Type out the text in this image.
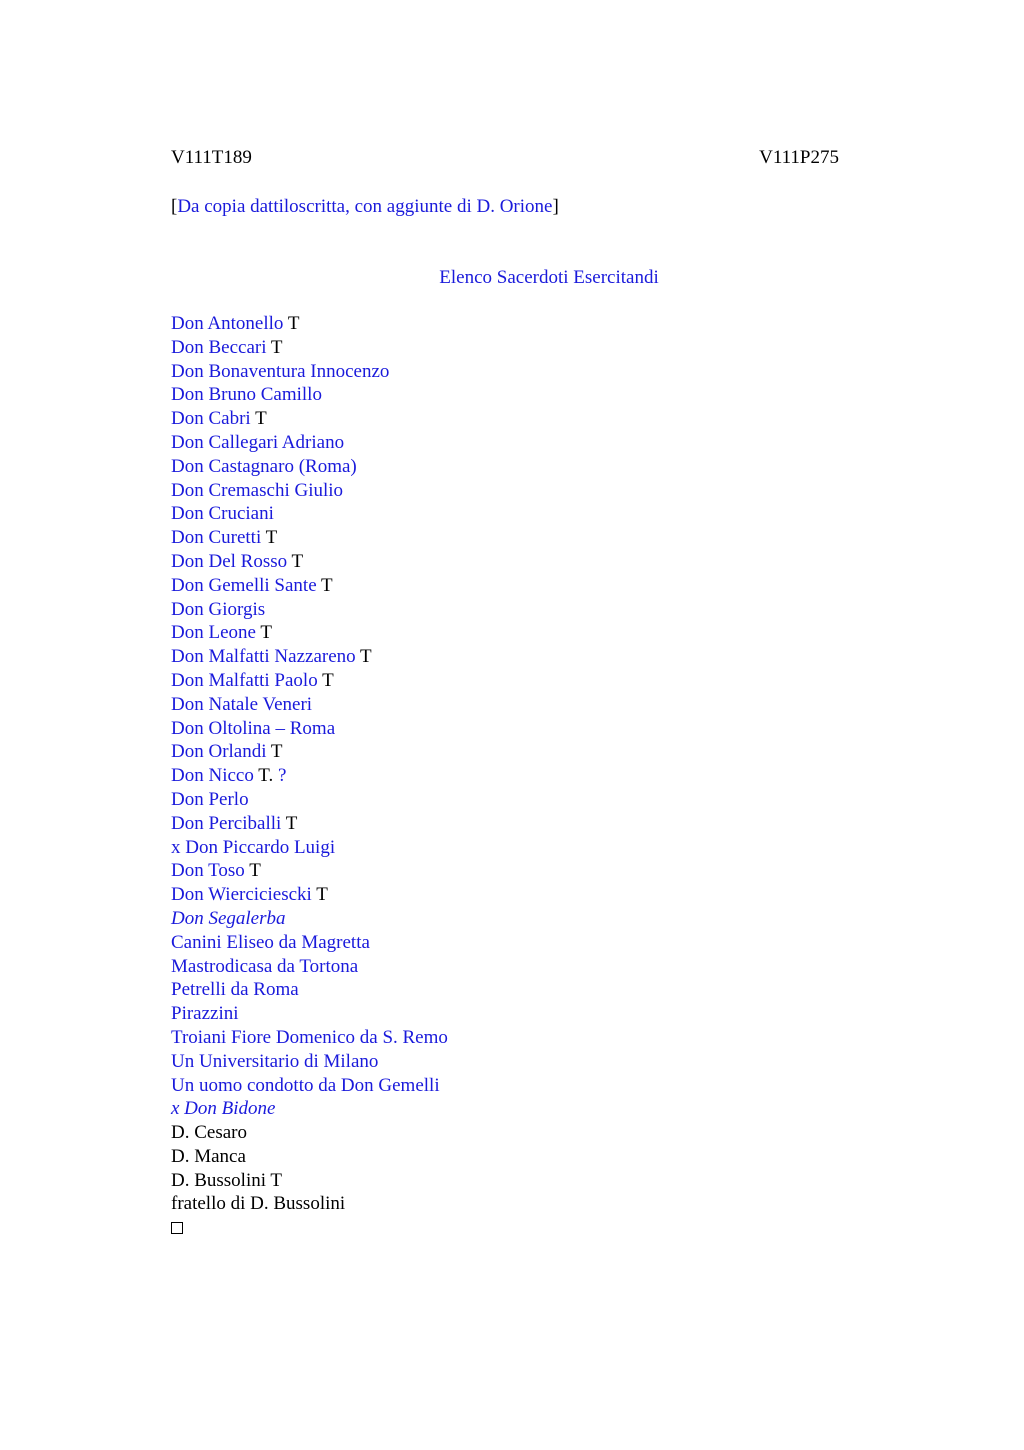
V111T189	V111P275
[Da copia dattiloscritta, con aggiunte di D. Orione]
Elenco Sacerdoti Esercitandi
Don Antonello T
Don Beccari T
Don Bonaventura Innocenzo
Don Bruno Camillo
Don Cabri T
Don Callegari Adriano
Don Castagnaro (Roma)
Don Cremaschi Giulio
Don Cruciani
Don Curetti T
Don Del Rosso T
Don Gemelli Sante T
Don Giorgis
Don Leone T
Don Malfatti Nazzareno T
Don Malfatti Paolo T
Don Natale Veneri
Don Oltolina – Roma
Don Orlandi T
Don Nicco T. ?
Don Perlo
Don Perciballi T
x Don Piccardo Luigi
Don Toso T
Don Wierciciescki T
Don Segalerba
Canini Eliseo da Magretta
Mastrodicasa da Tortona
Petrelli da Roma
Pirazzini
Troiani Fiore Domenico da S. Remo
Un Universitario di Milano
Un uomo condotto da Don Gemelli
x Don Bidone
D. Cesaro
D. Manca
D. Bussolini T
fratello di D. Bussolini
